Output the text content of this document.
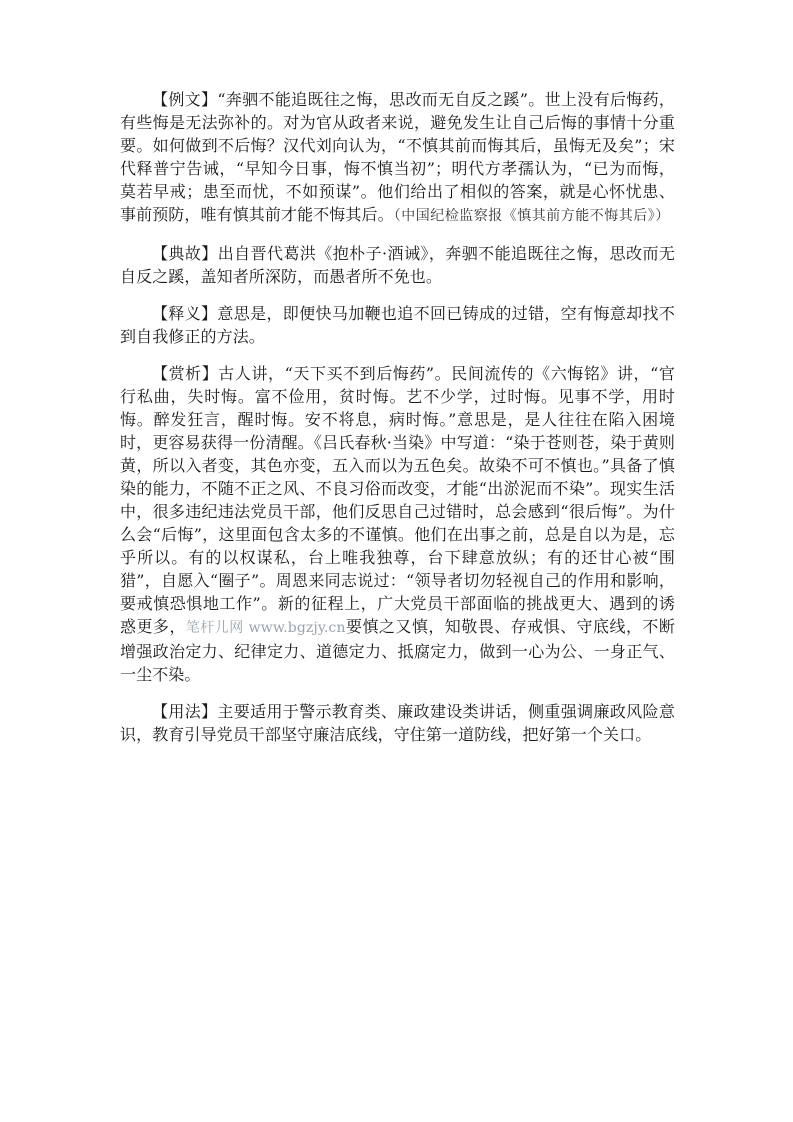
【例文】“奔驷不能追既往之悔，思改而无自反之蹊”。世上没有后悔药，有些悔是无法弥补的。对为官从政者来说，避免发生让自己后悔的事情十分重要。如何做到不后悔？汉代刘向认为，“不慎其前而悔其后，虽悔无及矣”；宋代释普宁告诫，“早知今日事，悔不慎当初”；明代方孝孺认为，“已为而悔，莫若早戒；患至而忧，不如预谋”。他们给出了相似的答案，就是心怀忧患、事前预防，唯有慎其前才能不悔其后。（中国纪检监察报《慎其前方能不悔其后》）

【典故】出自晋代葛洪《抱朴子·酒诫》，奔驷不能追既往之悔，思改而无自反之蹊，盖知者所深防，而愚者所不免也。

【释义】意思是，即便快马加鞭也追不回已铸成的过错，空有悔意却找不到自我修正的方法。

【赏析】古人讲，“天下买不到后悔药”。民间流传的《六悔铭》讲，“官行私曲，失时悔。富不俭用，贫时悔。艺不少学，过时悔。见事不学，用时悔。醉发狂言，醒时悔。安不将息，病时悔。”意思是，是人往往在陷入困境时，更容易获得一份清醒。《吕氏春秋·当染》中写道：“染于苍则苍，染于黄则黄，所以入者变，其色亦变，五入而以为五色矣。故染不可不慎也。”具备了慎染的能力，不随不正之风、不良习俗而改变，才能“出淤泥而不染”。现实生活中，很多违纪违法党员干部，他们反思自己过错时，总会感到“很后悔”。为什么会“后悔”，这里面包含太多的不谨慎。他们在出事之前，总是自以为是，忘乎所以。有的以权谋私，台上唯我独尊，台下肆意放纵；有的还甘心被“围猎”，自愿入“圈子”。周恩来同志说过：“领导者切勿轻视自己的作用和影响，要戒慎恐惧地工作”。新的征程上，广大党员干部面临的挑战更大、遇到的诱惑更多，笔杆儿网 www.bgzjy.cn要慎之又慎，知敬畏、存戒惧、守底线，不断增强政治定力、纪律定力、道德定力、抵腐定力，做到一心为公、一身正气、一尘不染。

【用法】主要适用于警示教育类、廉政建设类讲话，侧重强调廉政风险意识，教育引导党员干部坚守廉洁底线，守住第一道防线，把好第一个关口。
